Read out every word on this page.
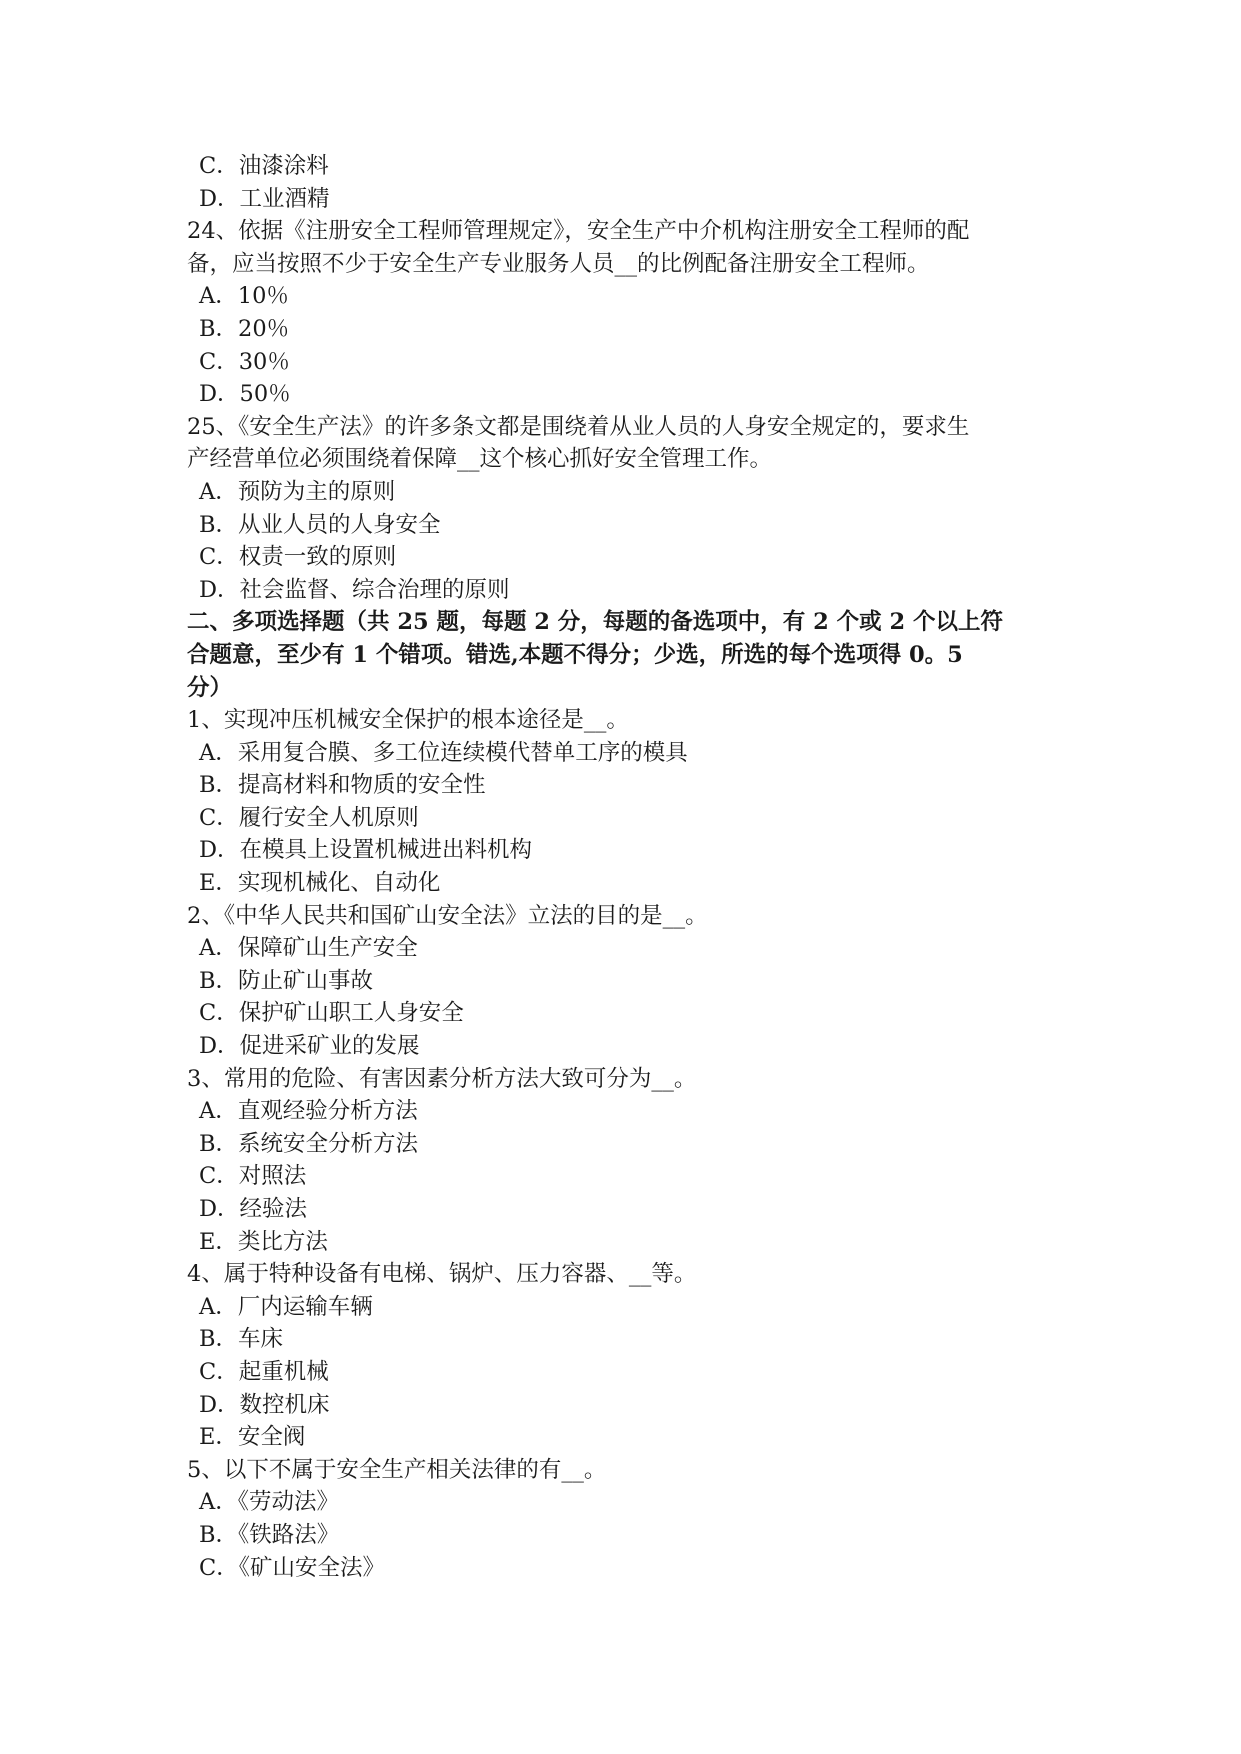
C．油漆涂料
D．工业酒精
24、依据《注册安全工程师管理规定》，安全生产中介机构注册安全工程师的配
备，应当按照不少于安全生产专业服务人员__的比例配备注册安全工程师。
A．10％
B．20％
C．30％
D．50％
25、《安全生产法》的许多条文都是围绕着从业人员的人身安全规定的，要求生
产经营单位必须围绕着保障__这个核心抓好安全管理工作。
A．预防为主的原则
B．从业人员的人身安全
C．权责一致的原则
D．社会监督、综合治理的原则
二、多项选择题（共 25 题，每题 2 分，每题的备选项中，有 2 个或 2 个以上符
合题意，至少有 1 个错项。错选,本题不得分；少选，所选的每个选项得 0。5
分）
1、实现冲压机械安全保护的根本途径是__。
A．采用复合膜、多工位连续模代替单工序的模具
B．提高材料和物质的安全性
C．履行安全人机原则
D．在模具上设置机械进出料机构
E．实现机械化、自动化
2、《中华人民共和国矿山安全法》立法的目的是__。
A．保障矿山生产安全
B．防止矿山事故
C．保护矿山职工人身安全
D．促进采矿业的发展
3、常用的危险、有害因素分析方法大致可分为__。
A．直观经验分析方法
B．系统安全分析方法
C．对照法
D．经验法
E．类比方法
4、属于特种设备有电梯、锅炉、压力容器、__等。
A．厂内运输车辆
B．车床
C．起重机械
D．数控机床
E．安全阀
5、以下不属于安全生产相关法律的有__。
A．《劳动法》
B．《铁路法》
C．《矿山安全法》
